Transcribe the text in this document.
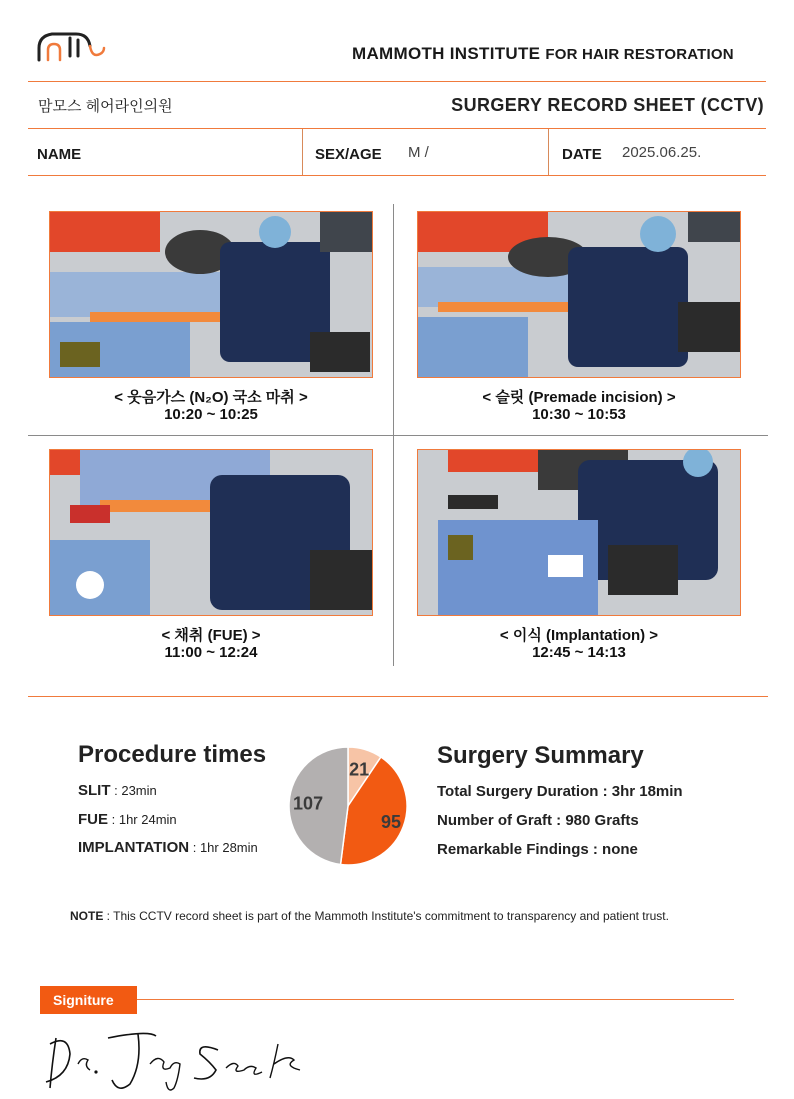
MAMMOTH INSTITUTE FOR HAIR RESTORATION
맘모스 헤어라인의원	SURGERY RECORD SHEET (CCTV)
NAME	SEX/AGE M /	DATE 2025.06.25.
< 웃음가스 (N₂O) 국소 마취 >
10:20 ~ 10:25
< 슬릿 (Premade incision) >
10:30 ~ 10:53
< 채취 (FUE) >
11:00 ~ 12:24
< 이식 (Implantation) >
12:45 ~ 14:13
Procedure times
SLIT : 23min
FUE : 1hr 24min
IMPLANTATION : 1hr 28min
21
95
107
Surgery Summary
Total Surgery Duration : 3hr 18min
Number of Graft : 980 Grafts
Remarkable Findings : none
NOTE : This CCTV record sheet is part of the Mammoth Institute's commitment to transparency and patient trust.
Signiture
